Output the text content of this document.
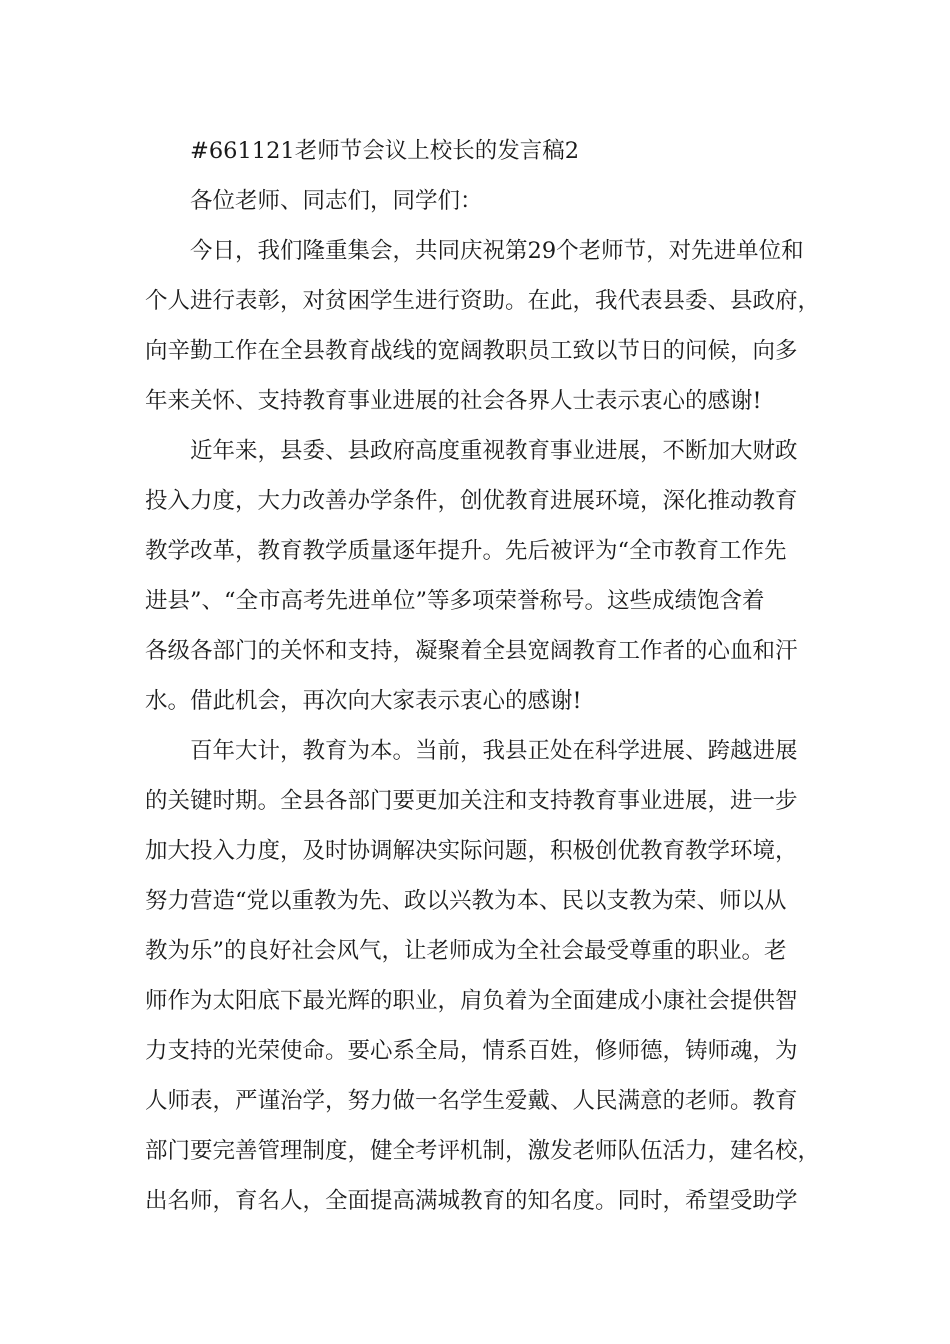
#661121老师节会议上校长的发言稿2
各位老师、同志们，同学们：
今日，我们隆重集会，共同庆祝第29个老师节，对先进单位和
个人进行表彰，对贫困学生进行资助。在此，我代表县委、县政府，
向辛勤工作在全县教育战线的宽阔教职员工致以节日的问候，向多
年来关怀、支持教育事业进展的社会各界人士表示衷心的感谢!
近年来，县委、县政府高度重视教育事业进展，不断加大财政
投入力度，大力改善办学条件，创优教育进展环境，深化推动教育
教学改革，教育教学质量逐年提升。先后被评为“全市教育工作先
进县”、“全市高考先进单位”等多项荣誉称号。这些成绩饱含着
各级各部门的关怀和支持，凝聚着全县宽阔教育工作者的心血和汗
水。借此机会，再次向大家表示衷心的感谢!
百年大计，教育为本。当前，我县正处在科学进展、跨越进展
的关键时期。全县各部门要更加关注和支持教育事业进展，进一步
加大投入力度，及时协调解决实际问题，积极创优教育教学环境，
努力营造“党以重教为先、政以兴教为本、民以支教为荣、师以从
教为乐”的良好社会风气，让老师成为全社会最受尊重的职业。老
师作为太阳底下最光辉的职业，肩负着为全面建成小康社会提供智
力支持的光荣使命。要心系全局，情系百姓，修师德，铸师魂，为
人师表，严谨治学，努力做一名学生爱戴、人民满意的老师。教育
部门要完善管理制度，健全考评机制，激发老师队伍活力，建名校，
出名师，育名人，全面提高满城教育的知名度。同时，希望受助学
